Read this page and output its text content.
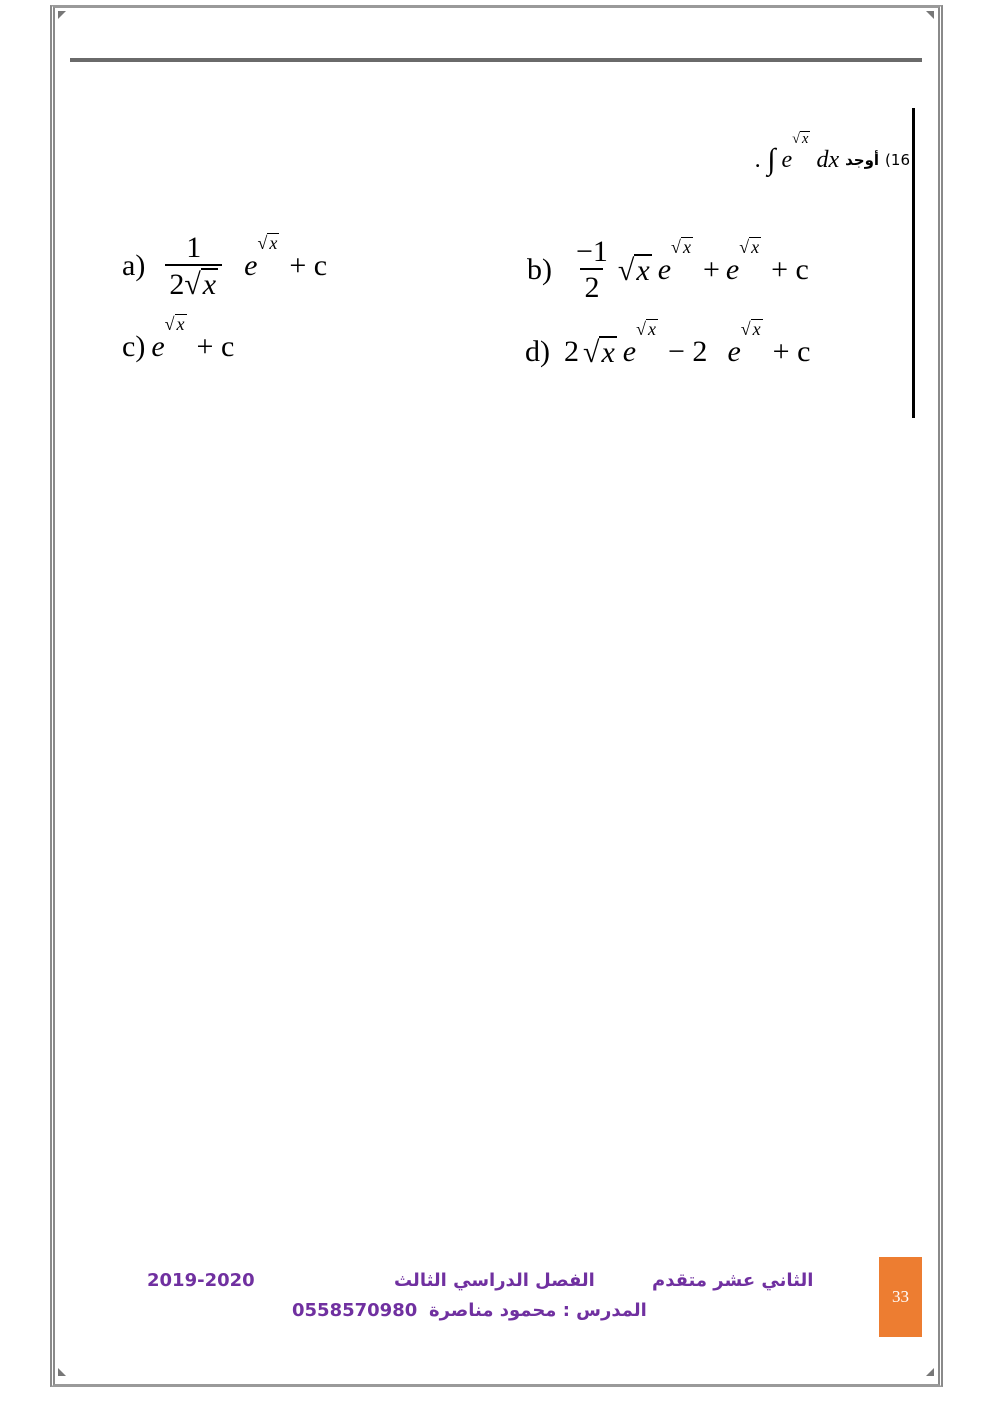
. ∫ e
√ x
dx أوجد (16
$a) \frac{1}{2 √ x}$ e
√ x
+ c	$b) \frac{-1}{2}$ √ x e
√ x
+ e
√ x
+ c
c) e
√ x
+ c	d) 2 √ x e
√ x
− 2 e
√ x
+ c
الثاني عشر متقدم
الفصل الدراسي الثالث
2019-2020
المدرس : محمود مناصرة
0558570980
33
